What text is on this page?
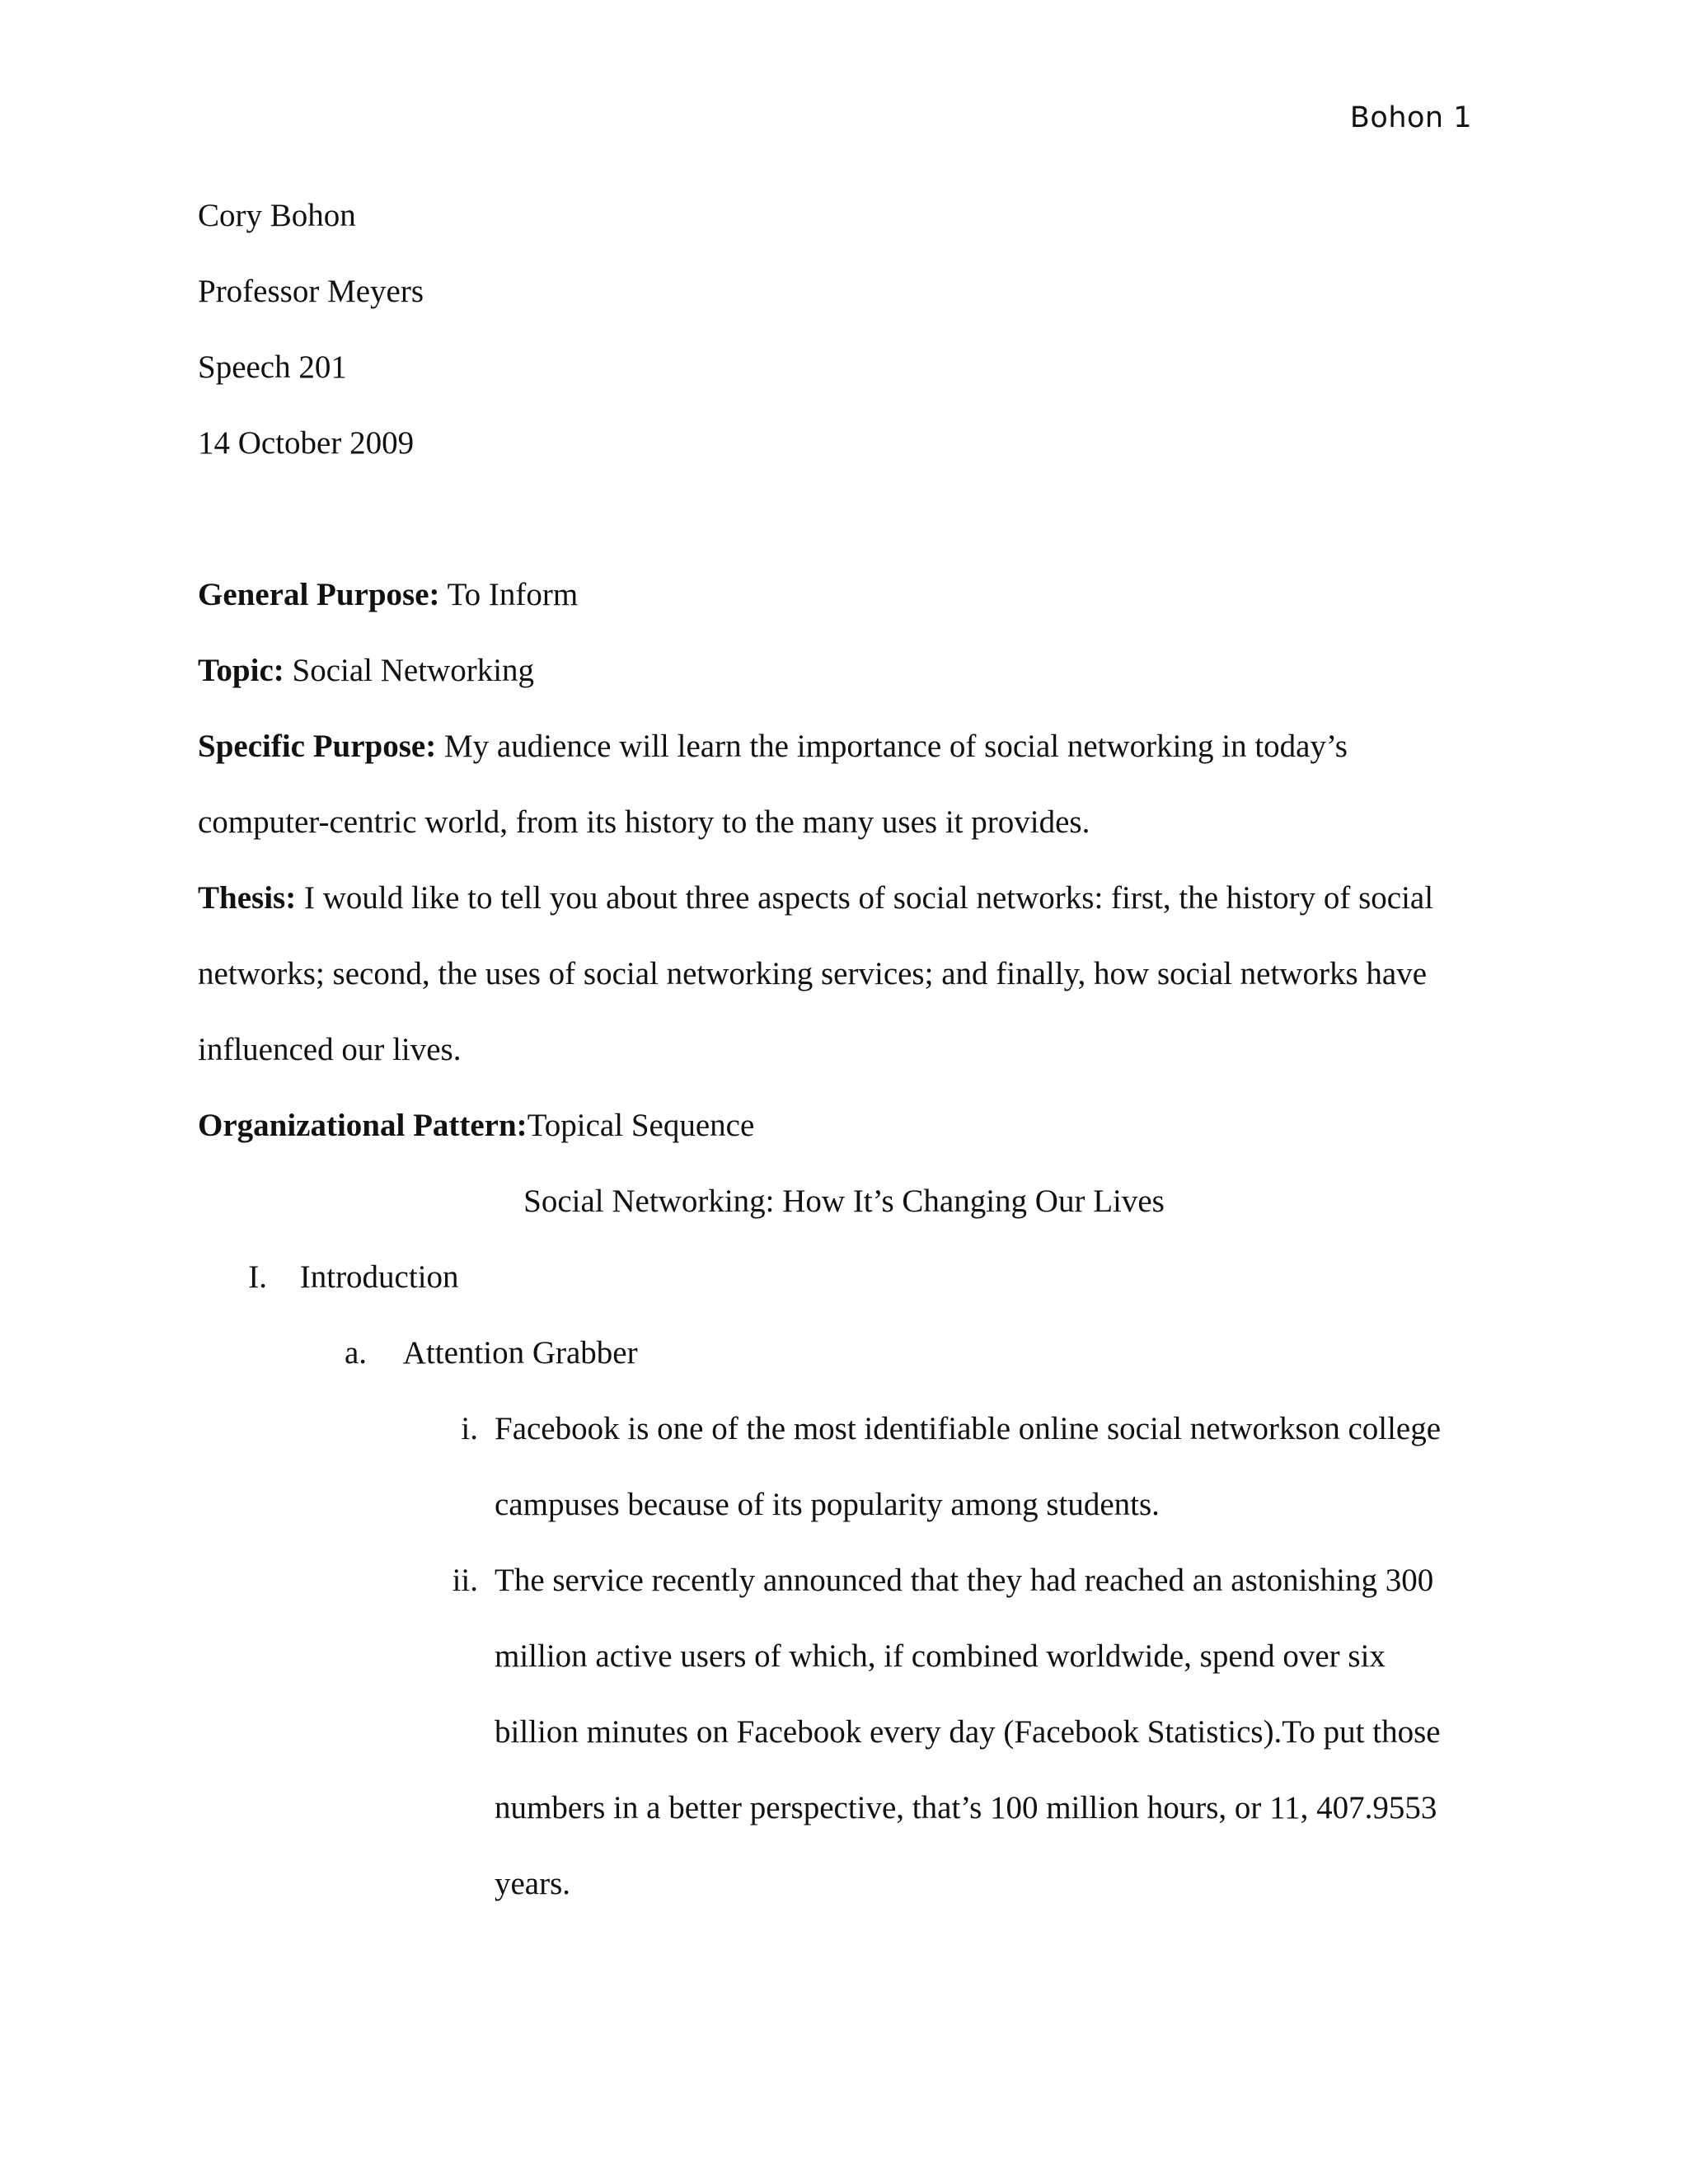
Bohon 1
Cory Bohon
Professor Meyers
Speech 201
14 October 2009
General Purpose: To Inform
Topic: Social Networking
Specific Purpose: My audience will learn the importance of social networking in today’s
computer-centric world, from its history to the many uses it provides.
Thesis: I would like to tell you about three aspects of social networks: first, the history of social
networks; second, the uses of social networking services; and finally, how social networks have
influenced our lives.
Organizational Pattern:Topical Sequence
Social Networking: How It’s Changing Our Lives
I. Introduction
a. Attention Grabber
i. Facebook is one of the most identifiable online social networkson college
campuses because of its popularity among students.
ii. The service recently announced that they had reached an astonishing 300
million active users of which, if combined worldwide, spend over six
billion minutes on Facebook every day (Facebook Statistics).To put those
numbers in a better perspective, that’s 100 million hours, or 11, 407.9553
years.
